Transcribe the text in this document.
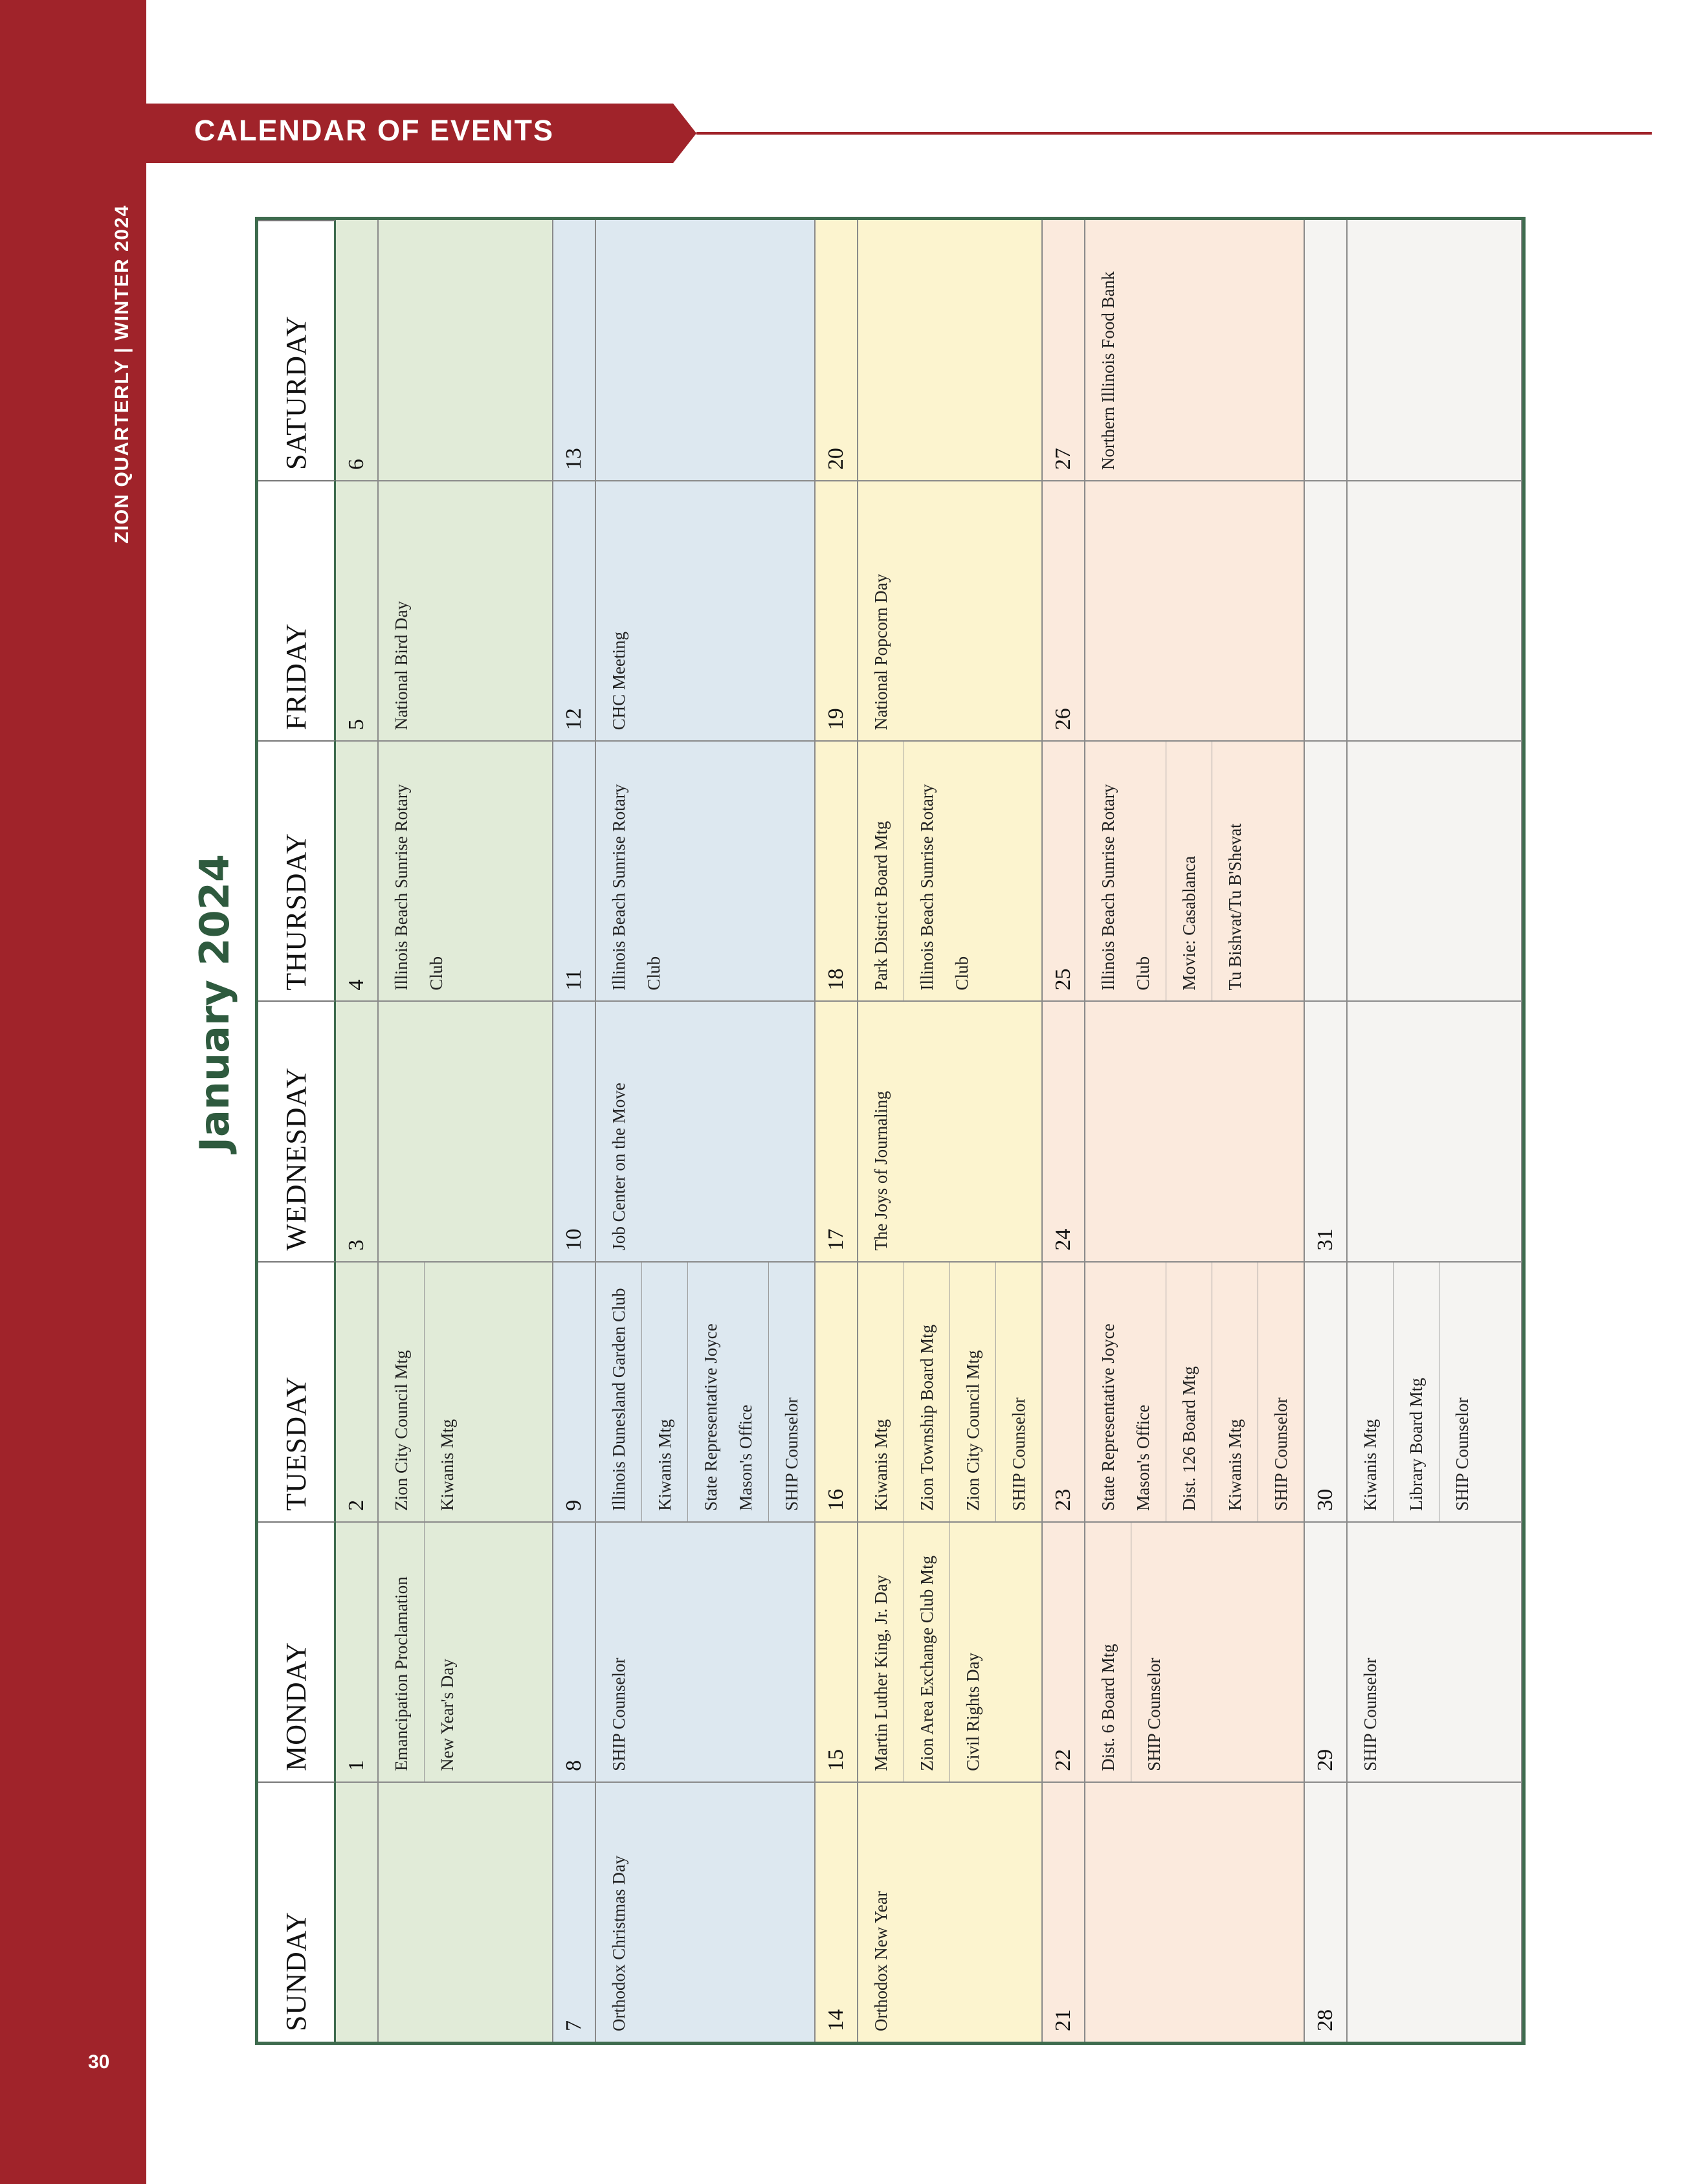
ZION QUARTERLY | WINTER 2024
30
CALENDAR OF EVENTS
January 2024
SUNDAY
MONDAY
TUESDAY
WEDNESDAY
THURSDAY
FRIDAY
SATURDAY
1	Emancipation Proclamation	New Year's Day
2	Zion City Council Mtg	Kiwanis Mtg
3
4	Illinois Beach Sunrise Rotary Club
5	National Bird Day
6
7	Orthodox Christmas Day
8	SHIP Counselor
9	Illinois Dunesland Garden Club	Kiwanis Mtg	State Representative Joyce Mason's Office	SHIP Counselor
10	Job Center on the Move
11	Illinois Beach Sunrise Rotary Club
12	CHC Meeting
13
14	Orthodox New Year
15	Martin Luther King, Jr. Day	Zion Area Exchange Club Mtg	Civil Rights Day
16	Kiwanis Mtg	Zion Township Board Mtg	Zion City Council Mtg	SHIP Counselor
17	The Joys of Journaling
18	Park District Board Mtg	Illinois Beach Sunrise Rotary Club
19	National Popcorn Day
20
21
22	Dist. 6 Board Mtg	SHIP Counselor
23	State Representative Joyce Mason's Office	Dist. 126 Board Mtg	Kiwanis Mtg	SHIP Counselor
24
25	Illinois Beach Sunrise Rotary Club	Movie: Casablanca	Tu Bishvat/Tu B'Shevat
26
27	Northern Illinois Food Bank
28
29	SHIP Counselor
30	Kiwanis Mtg	Library Board Mtg	SHIP Counselor
31
